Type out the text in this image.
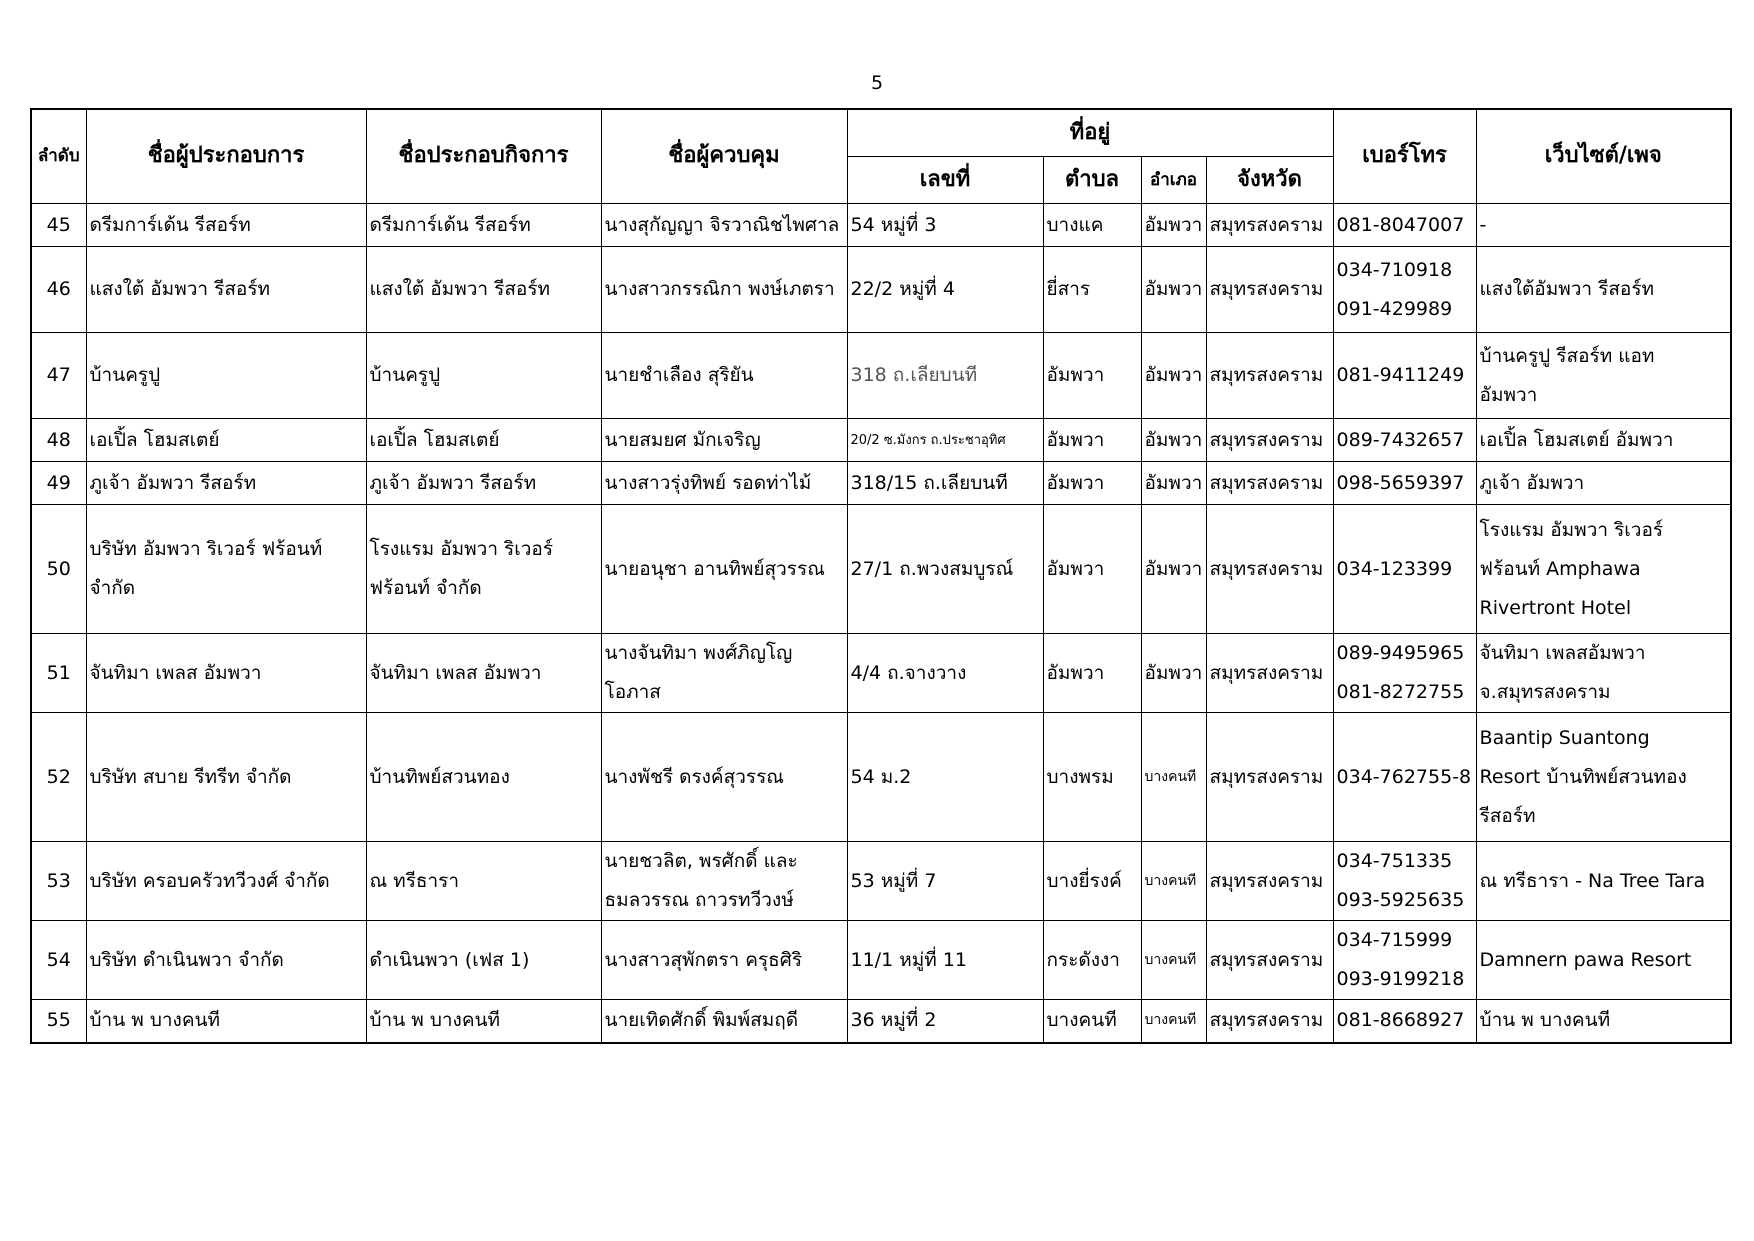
5
ลำดับ	ชื่อผู้ประกอบการ	ชื่อประกอบกิจการ	ชื่อผู้ควบคุม	ที่อยู่				เบอร์โทร	เว็บไซต์/เพจ
				เลขที่	ตำบล	อำเภอ	จังหวัด		
45	ดรีมการ์เด้น รีสอร์ท	ดรีมการ์เด้น รีสอร์ท	นางสุกัญญา จิรวาณิชไพศาล	54 หมู่ที่ 3	บางแค	อัมพวา	สมุทรสงคราม	081-8047007	-

46	แสงใต้ อัมพวา รีสอร์ท	แสงใต้ อัมพวา รีสอร์ท	นางสาวกรรณิกา พงษ์เภตรา	22/2 หมู่ที่ 4	ยี่สาร	อัมพวา	สมุทรสงคราม	034-710918
091-429989	แสงใต้อัมพวา รีสอร์ท

47	บ้านครูปู	บ้านครูปู	นายชำเลือง สุริยัน	318 ถ.เลียบนที	อัมพวา	อัมพวา	สมุทรสงคราม	081-9411249	บ้านครูปู รีสอร์ท แอท
อัมพวา

48	เอเปิ้ล โฮมสเตย์	เอเปิ้ล โฮมสเตย์	นายสมยศ มักเจริญ	20/2 ซ.มังกร ถ.ประชาอุทิศ	อัมพวา	อัมพวา	สมุทรสงคราม	089-7432657	เอเปิ้ล โฮมสเตย์ อัมพวา

49	ภูเจ้า อัมพวา รีสอร์ท	ภูเจ้า อัมพวา รีสอร์ท	นางสาวรุ่งทิพย์ รอดท่าไม้	318/15 ถ.เลียบนที	อัมพวา	อัมพวา	สมุทรสงคราม	098-5659397	ภูเจ้า อัมพวา

50	บริษัท อัมพวา ริเวอร์ ฟร้อนท์
จำกัด	โรงแรม อัมพวา ริเวอร์
ฟร้อนท์ จำกัด	นายอนุชา อานทิพย์สุวรรณ	27/1 ถ.พวงสมบูรณ์	อัมพวา	อัมพวา	สมุทรสงคราม	034-123399	โรงแรม อัมพวา ริเวอร์
ฟร้อนท์ Amphawa
Rivertront Hotel

51	จันทิมา เพลส อัมพวา	จันทิมา เพลส อัมพวา	นางจันทิมา พงศ์ภิญโญโอภาส	4/4 ถ.จางวาง	อัมพวา	อัมพวา	สมุทรสงคราม	089-9495965
081-8272755	จันทิมา เพลสอัมพวา
จ.สมุทรสงคราม

52	บริษัท สบาย รีทรีท จำกัด	บ้านทิพย์สวนทอง	นางพัชรี ดรงค์สุวรรณ	54 ม.2	บางพรม	บางคนที	สมุทรสงคราม	034-762755-8	Baantip Suantong
Resort บ้านทิพย์สวนทอง
รีสอร์ท

53	บริษัท ครอบครัวทวีวงศ์ จำกัด	ณ ทรีธารา	นายชวลิต, พรศักดิ์ และ
ธมลวรรณ ถาวรทวีวงษ์	53 หมู่ที่ 7	บางยี่รงค์	บางคนที	สมุทรสงคราม	034-751335
093-5925635	ณ ทรีธารา - Na Tree Tara

54	บริษัท ดำเนินพวา จำกัด	ดำเนินพวา (เฟส 1)	นางสาวสุพักตรา ครุธศิริ	11/1 หมู่ที่ 11	กระดังงา	บางคนที	สมุทรสงคราม	034-715999
093-9199218	Damnern pawa Resort

55	บ้าน พ บางคนที	บ้าน พ บางคนที	นายเทิดศักดิ์ พิมพ์สมฤดี	36 หมู่ที่ 2	บางคนที	บางคนที	สมุทรสงคราม	081-8668927	บ้าน พ บางคนที
